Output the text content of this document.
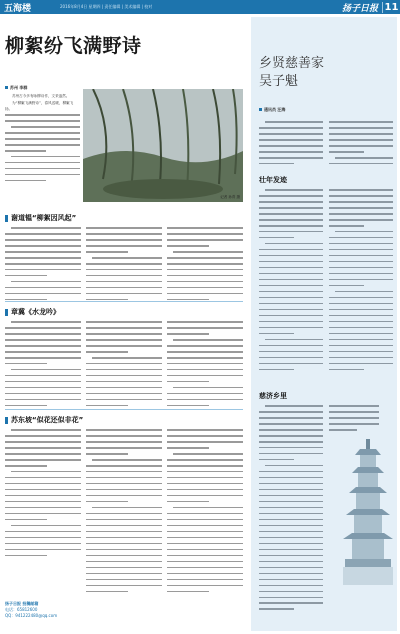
五海楼	2016年8月4日 星期四 | 责任编辑 | 美术编辑 | 校对	扬子日报 11
柳絮纷飞满野诗
苏州 李群

苏州古今多有咏柳诗作，文采盎然。

为“柳絮飞满野诗”，春风送暖，柳絮飞扬。

记者 孙青 摄
谢道韫“柳絮因风起”
章冀《水龙吟》
苏东坡“似花还似非花”
扬子日报 投稿邮箱
电话：65812600
QQ：941222480@qq.com
乡贤慈善家
吴子魁
通讯员 汪海
壮年发迹
慈济乡里
